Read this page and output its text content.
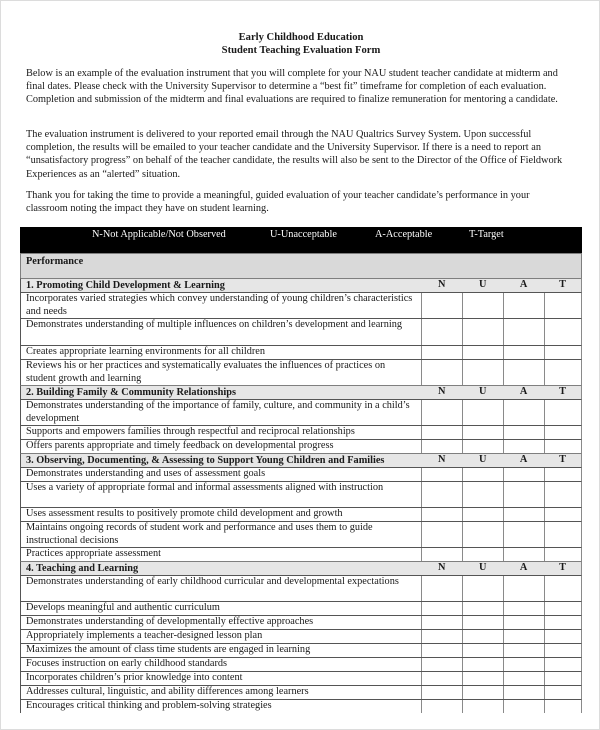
Early Childhood Education
Student Teaching Evaluation Form
Below is an example of the evaluation instrument that you will complete for your NAU student teacher candidate at midterm and final dates. Please check with the University Supervisor to determine a “best fit” timeframe for completion of each evaluation. Completion and submission of the midterm and final evaluations are required to finalize remuneration for mentoring a candidate.
The evaluation instrument is delivered to your reported email through the NAU Qualtrics Survey System. Upon successful completion, the results will be emailed to your teacher candidate and the University Supervisor. If there is a need to report an “unsatisfactory progress” on behalf of the teacher candidate, the results will also be sent to the Director of the Office of Fieldwork Experiences as an “alerted” situation.
Thank you for taking the time to provide a meaningful, guided evaluation of your teacher candidate’s performance in your classroom noting the impact they have on student learning.
N-Not Applicable/Not Observed	U-Unacceptable	A-Acceptable	T-Target
Performance
1. Promoting Child Development & Learning	N	U	A	T
Incorporates varied strategies which convey understanding of young children’s characteristics and needs
Demonstrates understanding of multiple influences on children’s development and learning
Creates appropriate learning environments for all children
Reviews his or her practices and systematically evaluates the influences of practices on student growth and learning
2. Building Family & Community Relationships	N	U	A	T
Demonstrates understanding of the importance of family, culture, and community in a child’s development
Supports and empowers families through respectful and reciprocal relationships
Offers parents appropriate and timely feedback on developmental progress
3. Observing, Documenting, & Assessing to Support Young Children and Families	N	U	A	T
Demonstrates understanding and uses of assessment goals
Uses a variety of appropriate formal and informal assessments aligned with instruction
Uses assessment results to positively promote child development and growth
Maintains ongoing records of student work and performance and uses them to guide instructional decisions
Practices appropriate assessment
4. Teaching and Learning	N	U	A	T
Demonstrates understanding of early childhood curricular and developmental expectations
Develops meaningful and authentic curriculum
Demonstrates understanding of developmentally effective approaches
Appropriately implements a teacher-designed lesson plan
Maximizes the amount of class time students are engaged in learning
Focuses instruction on early childhood standards
Incorporates children’s prior knowledge into content
Addresses cultural, linguistic, and ability differences among learners
Encourages critical thinking and problem-solving strategies
